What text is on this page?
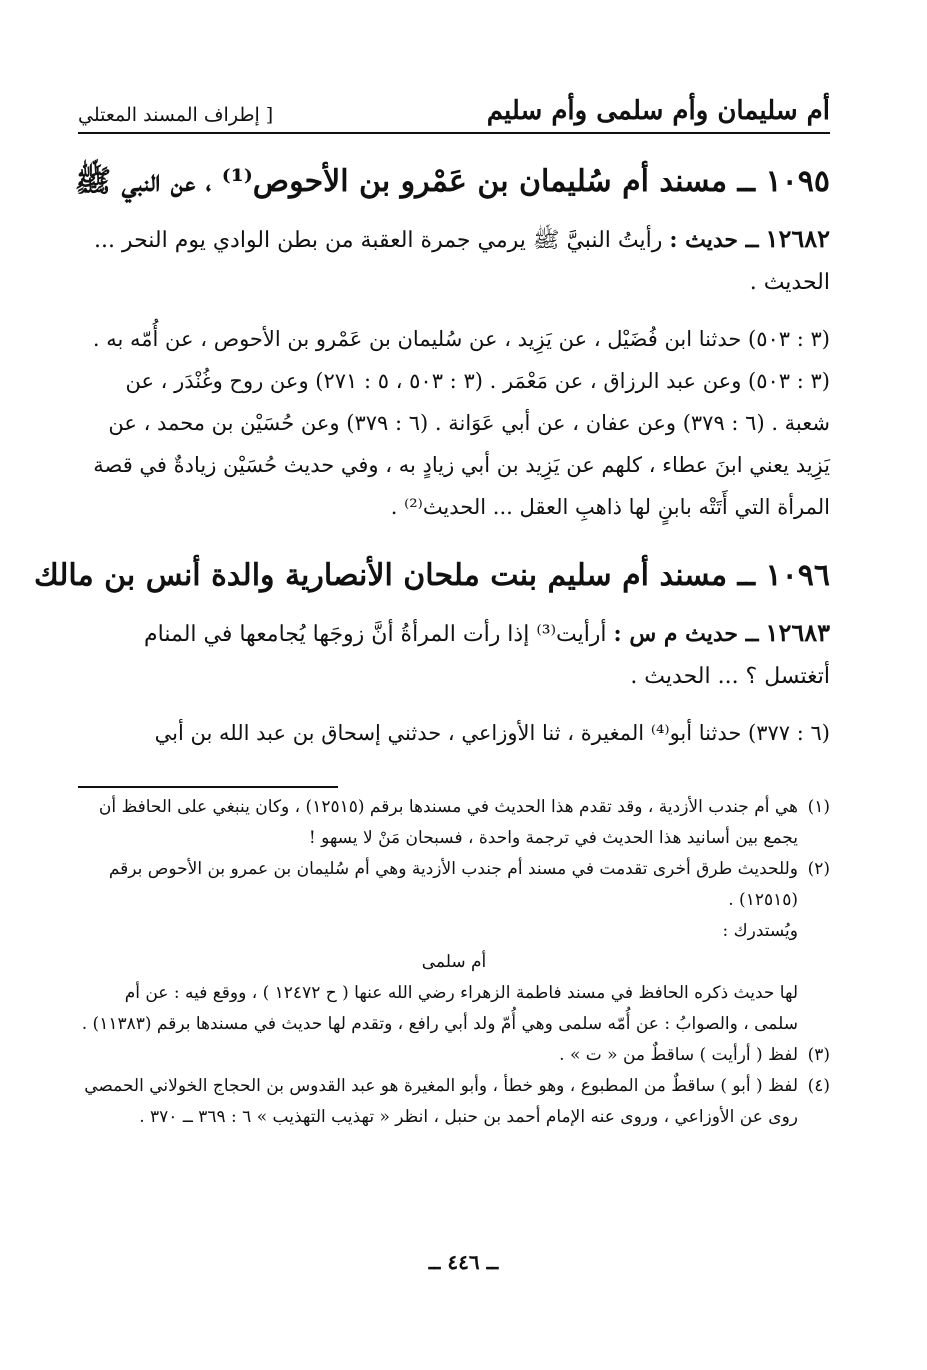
أم سليمان وأم سلمى وأم سليم
[ إطراف المسند المعتلي
١٠٩٥ ــ مسند أم سُليمان بن عَمْرو بن الأحوص⁽¹⁾ ، عن النبي ﷺ
١٢٦٨٢ ــ حديث : رأيتُ النبيَّ ﷺ يرمي جمرة العقبة من بطن الوادي يوم النحر ... الحديث .
(٣ : ٥٠٣) حدثنا ابن فُضَيْل ، عن يَزِيد ، عن سُليمان بن عَمْرو بن الأحوص ، عن أُمّه به . (٣ : ٥٠٣) وعن عبد الرزاق ، عن مَعْمَر . (٣ : ٥٠٣ ، ٥ : ٢٧١) وعن روح وغُنْدَر ، عن شعبة . (٦ : ٣٧٩) وعن عفان ، عن أبي عَوَانة . (٦ : ٣٧٩) وعن حُسَيْن بن محمد ، عن يَزِيد يعني ابنَ عطاء ، كلهم عن يَزِيد بن أبي زيادٍ به ، وفي حديث حُسَيْن زيادةٌ في قصة المرأة التي أَتَتْه بابنٍ لها ذاهبِ العقل ... الحديث⁽²⁾ .
١٠٩٦ ــ مسند أم سليم بنت ملحان الأنصارية والدة أنس بن مالك
١٢٦٨٣ ــ حديث م س : أرأيت⁽³⁾ إذا رأت المرأةُ أنَّ زوجَها يُجامعها في المنام أتغتسل ؟ ... الحديث .
(٦ : ٣٧٧) حدثنا أبو⁽⁴⁾ المغيرة ، ثنا الأوزاعي ، حدثني إسحاق بن عبد الله بن أبي
(١)
هي أم جندب الأزدية ، وقد تقدم هذا الحديث في مسندها برقم (١٢٥١٥) ، وكان ينبغي على الحافظ أن يجمع بين أسانيد هذا الحديث في ترجمة واحدة ، فسبحان مَنْ لا يسهو !
(٢)
وللحديث طرق أخرى تقدمت في مسند أم جندب الأزدية وهي أم سُليمان بن عمرو بن الأحوص برقم (١٢٥١٥) .
ويُستدرك :
أم سلمى
لها حديث ذكره الحافظ في مسند فاطمة الزهراء رضي الله عنها ( ح ١٢٤٧٢ ) ، ووقع فيه : عن أم سلمى ، والصوابُ : عن أُمّه سلمى وهي أُمّ ولد أبي رافع ، وتقدم لها حديث في مسندها برقم (١١٣٨٣) .
(٣)
لفظ ( أرأيت ) ساقطٌ من « ت » .
(٤)
لفظ ( أبو ) ساقطٌ من المطبوع ، وهو خطأ ، وأبو المغيرة هو عبد القدوس بن الحجاج الخولاني الحمصي روى عن الأوزاعي ، وروى عنه الإمام أحمد بن حنبل ، انظر « تهذيب التهذيب » ٦ : ٣٦٩ ــ ٣٧٠ .
ــ ٤٤٦ ــ
